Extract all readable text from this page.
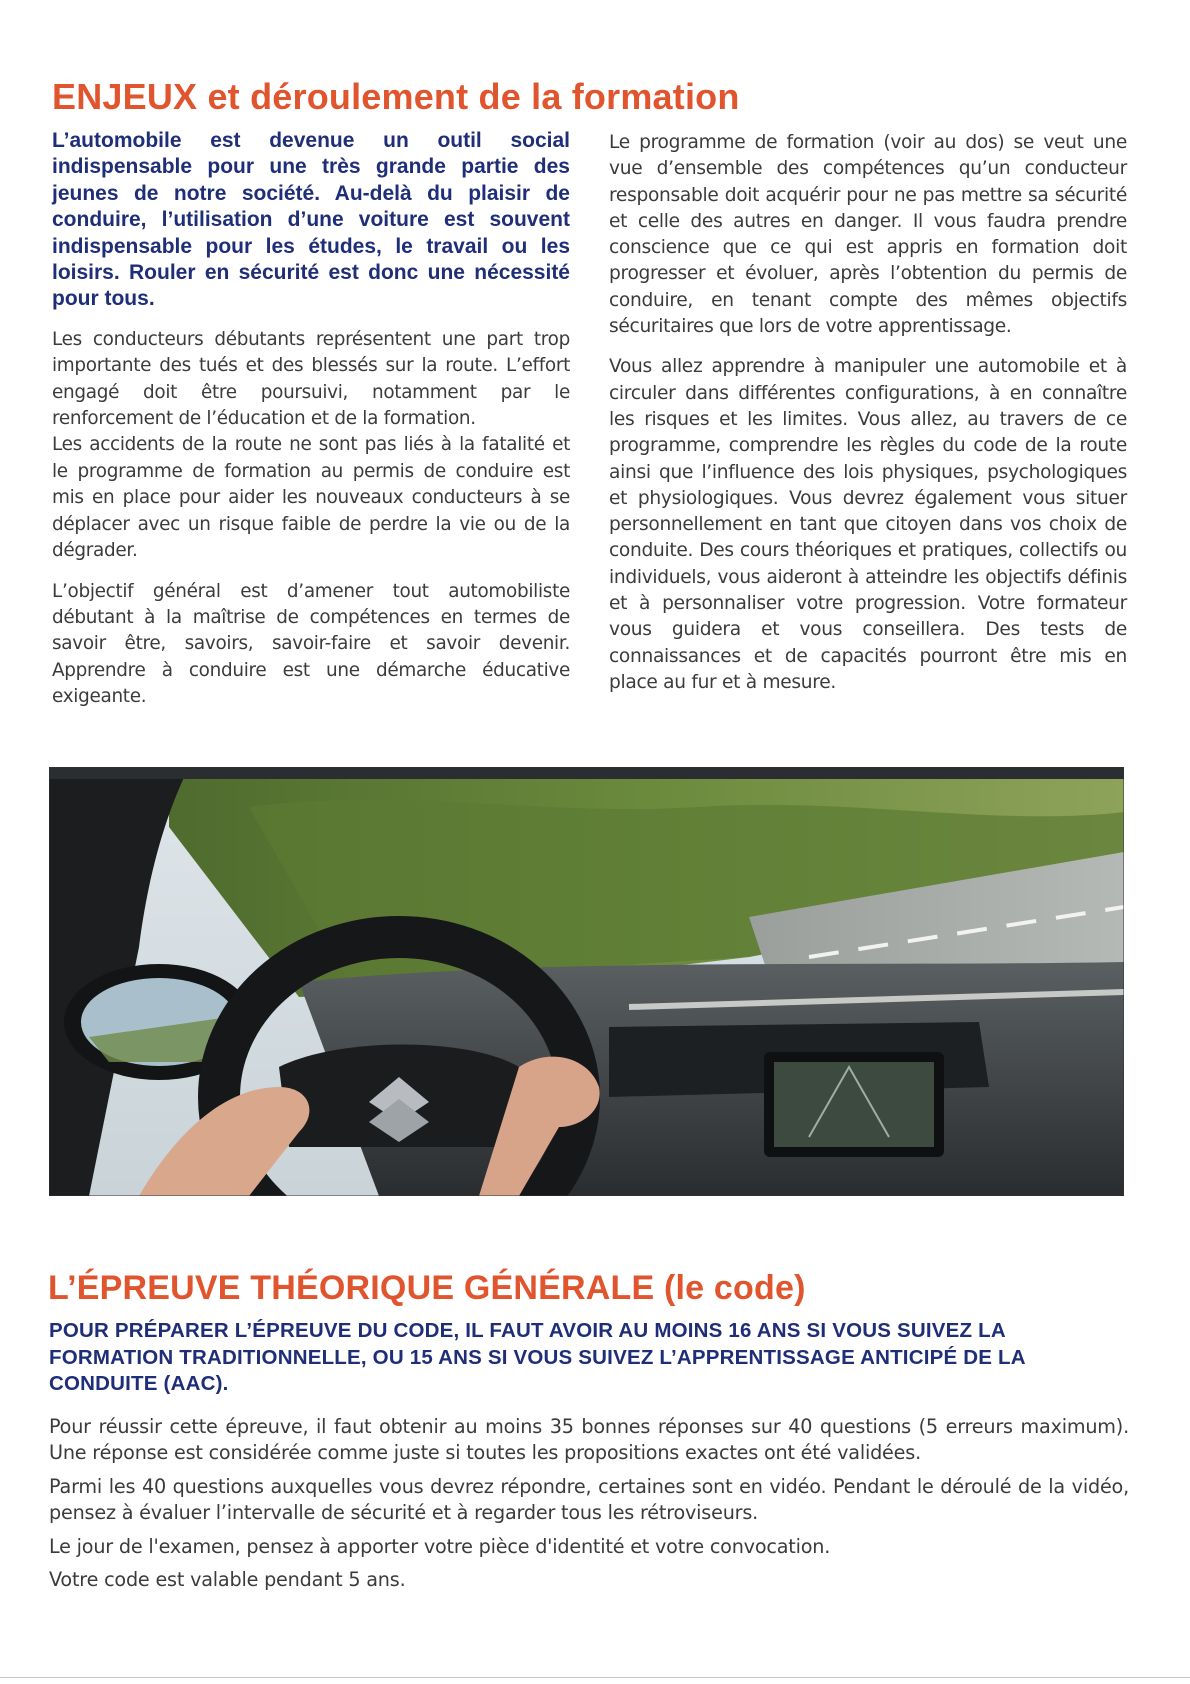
ENJEUX et déroulement de la formation

L’automobile est devenue un outil social indispensable pour une très grande partie des jeunes de notre société. Au-delà du plaisir de conduire, l’utilisation d’une voiture est souvent indispensable pour les études, le travail ou les loisirs. Rouler en sécurité est donc une nécessité pour tous.

Les conducteurs débutants représentent une part trop importante des tués et des blessés sur la route. L’effort engagé doit être poursuivi, notamment par le renforcement de l’éducation et de la formation.

Les accidents de la route ne sont pas liés à la fatalité et le programme de formation au permis de conduire est mis en place pour aider les nouveaux conducteurs à se déplacer avec un risque faible de perdre la vie ou de la dégrader.

L’objectif général est d’amener tout automobiliste débutant à la maîtrise de compétences en termes de savoir être, savoirs, savoir-faire et savoir devenir. Apprendre à conduire est une démarche éducative exigeante.

Le programme de formation (voir au dos) se veut une vue d’ensemble des compétences qu’un conducteur responsable doit acquérir pour ne pas mettre sa sécurité et celle des autres en danger. Il vous faudra prendre conscience que ce qui est appris en formation doit progresser et évoluer, après l’obtention du permis de conduire, en tenant compte des mêmes objectifs sécuritaires que lors de votre apprentissage.

Vous allez apprendre à manipuler une automobile et à circuler dans différentes configurations, à en connaître les risques et les limites. Vous allez, au travers de ce programme, comprendre les règles du code de la route ainsi que l’influence des lois physiques, psychologiques et physiologiques. Vous devrez également vous situer personnellement en tant que citoyen dans vos choix de conduite. Des cours théoriques et pratiques, collectifs ou individuels, vous aideront à atteindre les objectifs définis et à personnaliser votre progression. Votre formateur vous guidera et vous conseillera. Des tests de connaissances et de capacités pourront être mis en place au fur et à mesure.

L’ÉPREUVE THÉORIQUE GÉNÉRALE (le code)

POUR PRÉPARER L’ÉPREUVE DU CODE, IL FAUT AVOIR AU MOINS 16 ANS SI VOUS SUIVEZ LA FORMATION TRADITIONNELLE, OU 15 ANS SI VOUS SUIVEZ L’APPRENTISSAGE ANTICIPÉ DE LA CONDUITE (AAC).

Pour réussir cette épreuve, il faut obtenir au moins 35 bonnes réponses sur 40 questions (5 erreurs maximum). Une réponse est considérée comme juste si toutes les propositions exactes ont été validées.

Parmi les 40 questions auxquelles vous devrez répondre, certaines sont en vidéo. Pendant le déroulé de la vidéo, pensez à évaluer l’intervalle de sécurité et à regarder tous les rétroviseurs.

Le jour de l'examen, pensez à apporter votre pièce d'identité et votre convocation.

Votre code est valable pendant 5 ans.
